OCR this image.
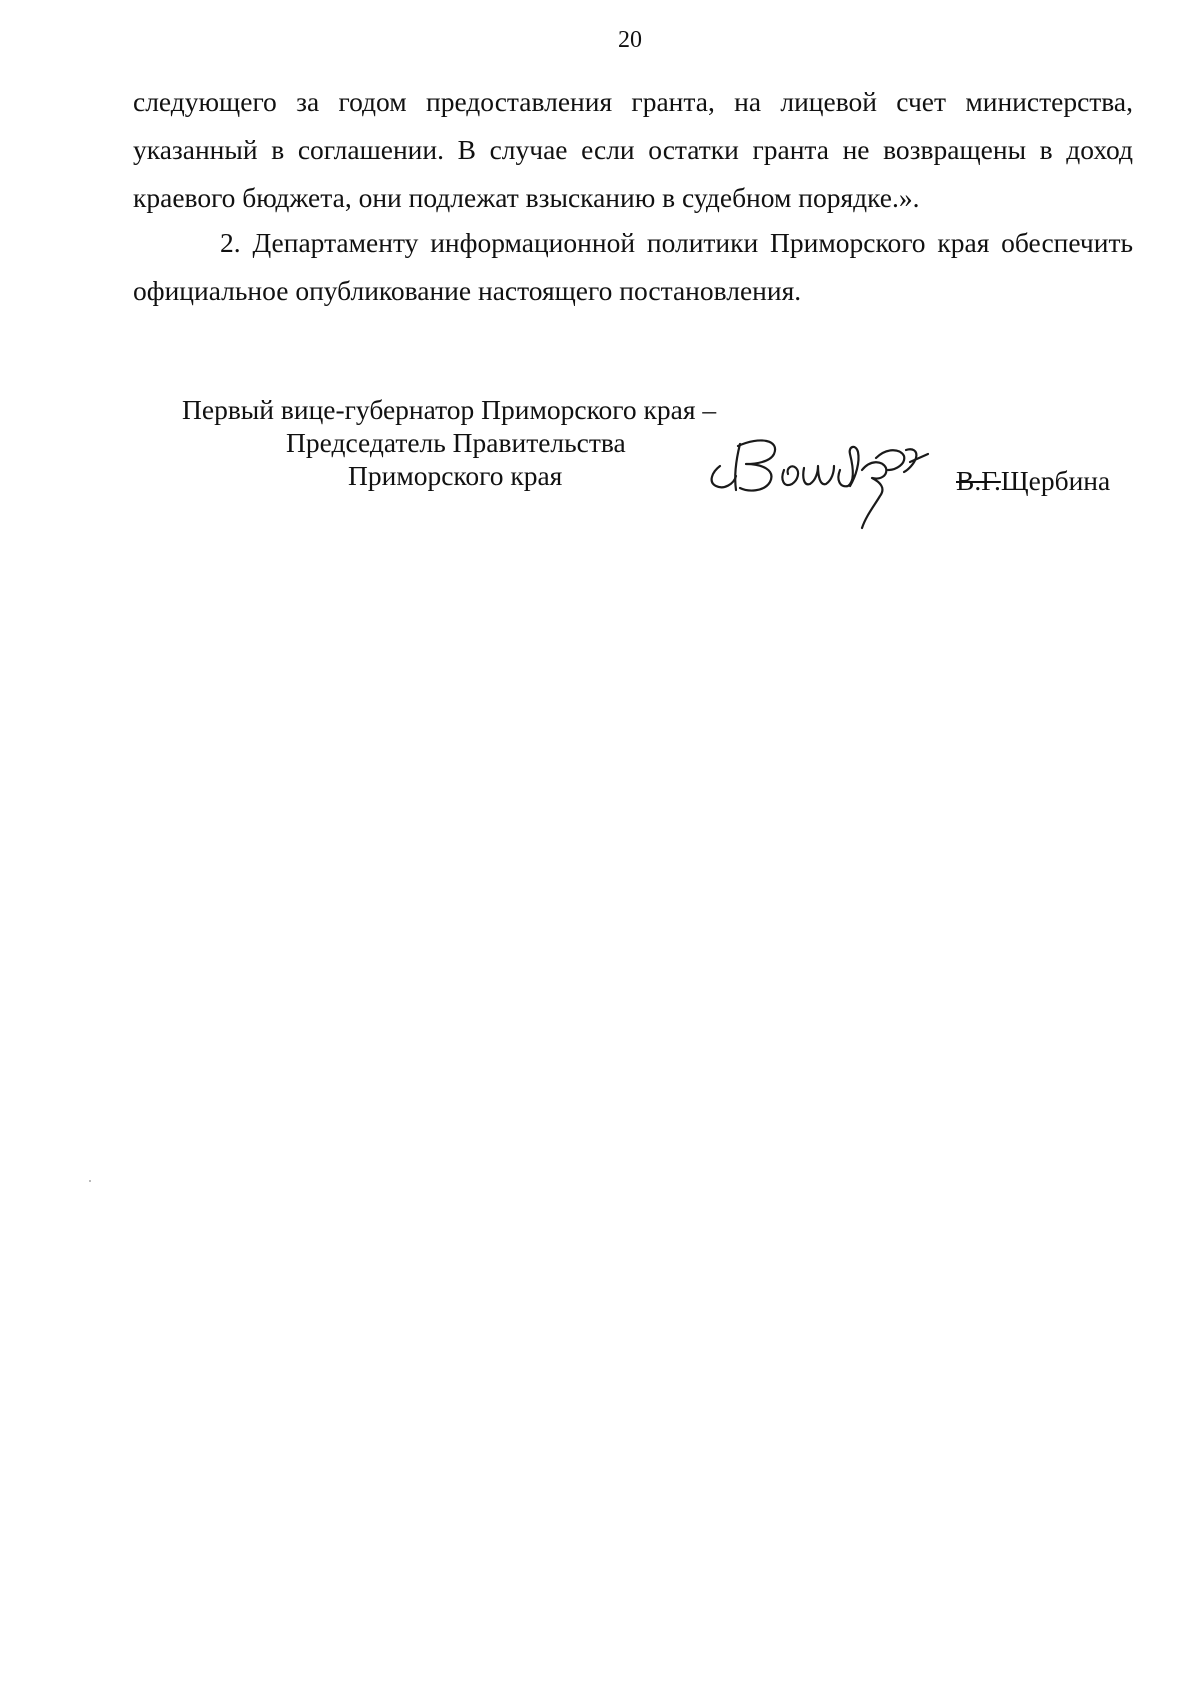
20

следующего за годом предоставления гранта, на лицевой счет министерства, указанный в соглашении. В случае если остатки гранта не возвращены в доход краевого бюджета, они подлежат взысканию в судебном порядке.».

2. Департаменту информационной политики Приморского края обеспечить официальное опубликование настоящего постановления.

Первый вице-губернатор Приморского края –
Председатель Правительства
Приморского края	В.Г.Щербина
